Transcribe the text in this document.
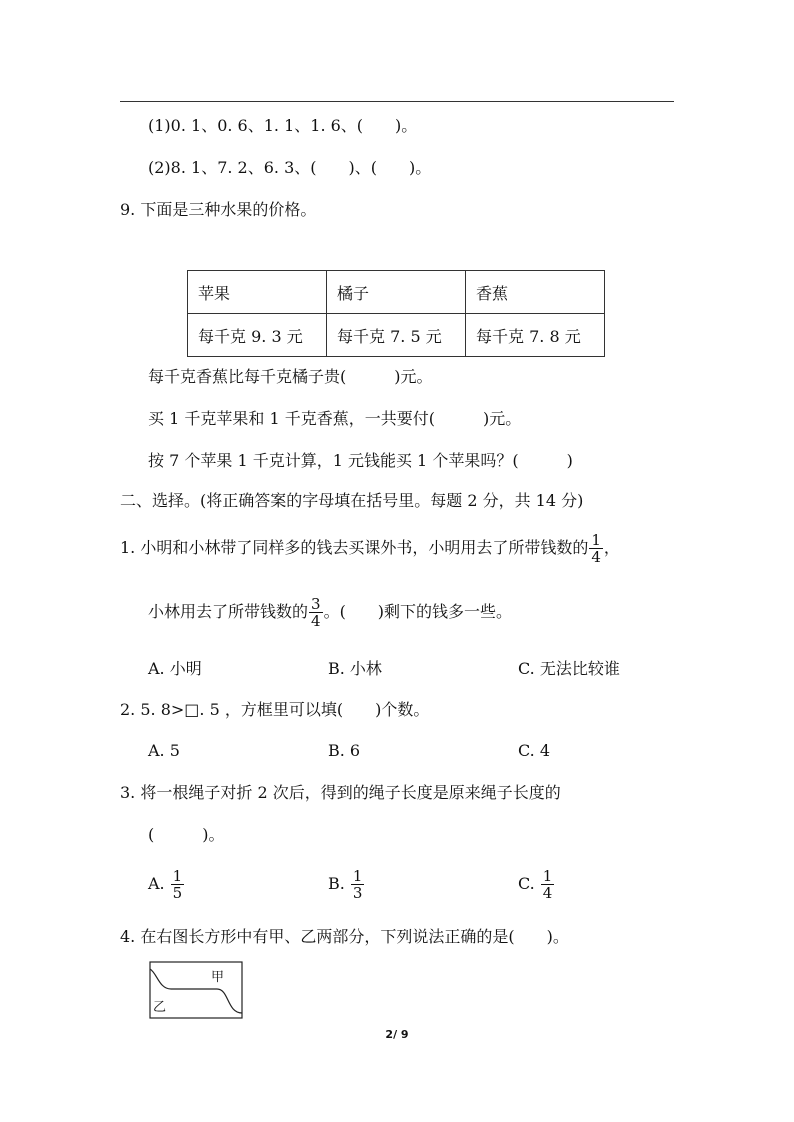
(1)0. 1、0. 6、1. 1、1. 6、(　　)。
(2)8. 1、7. 2、6. 3、(　　)、(　　)。
9. 下面是三种水果的价格。
苹果	橘子	香蕉
每千克 9. 3 元	每千克 7. 5 元	每千克 7. 8 元
每千克香蕉比每千克橘子贵(　　　)元。
买 1 千克苹果和 1 千克香蕉，一共要付(　　　)元。
按 7 个苹果 1 千克计算，1 元钱能买 1 个苹果吗？(　　　)
二、选择。(将正确答案的字母填在括号里。每题 2 分，共 14 分)
1. 小明和小林带了同样多的钱去买课外书，小明用去了所带钱数的 $\frac{1}{4}$ ，
小林用去了所带钱数的 $\frac{3}{4}$ 。(　　)剩下的钱多一些。
A. 小明	B. 小林	C. 无法比较谁
2. 5. 8>□. 5 ，方框里可以填(　　)个数。
A. 5	B. 6	C. 4
3. 将一根绳子对折 2 次后，得到的绳子长度是原来绳子长度的
(　　　)。
A. $\frac{1}{5}$	B. $\frac{1}{3}$	C. $\frac{1}{4}$
4. 在右图长方形中有甲、乙两部分，下列说法正确的是(　　)。
甲
乙
2/ 9
